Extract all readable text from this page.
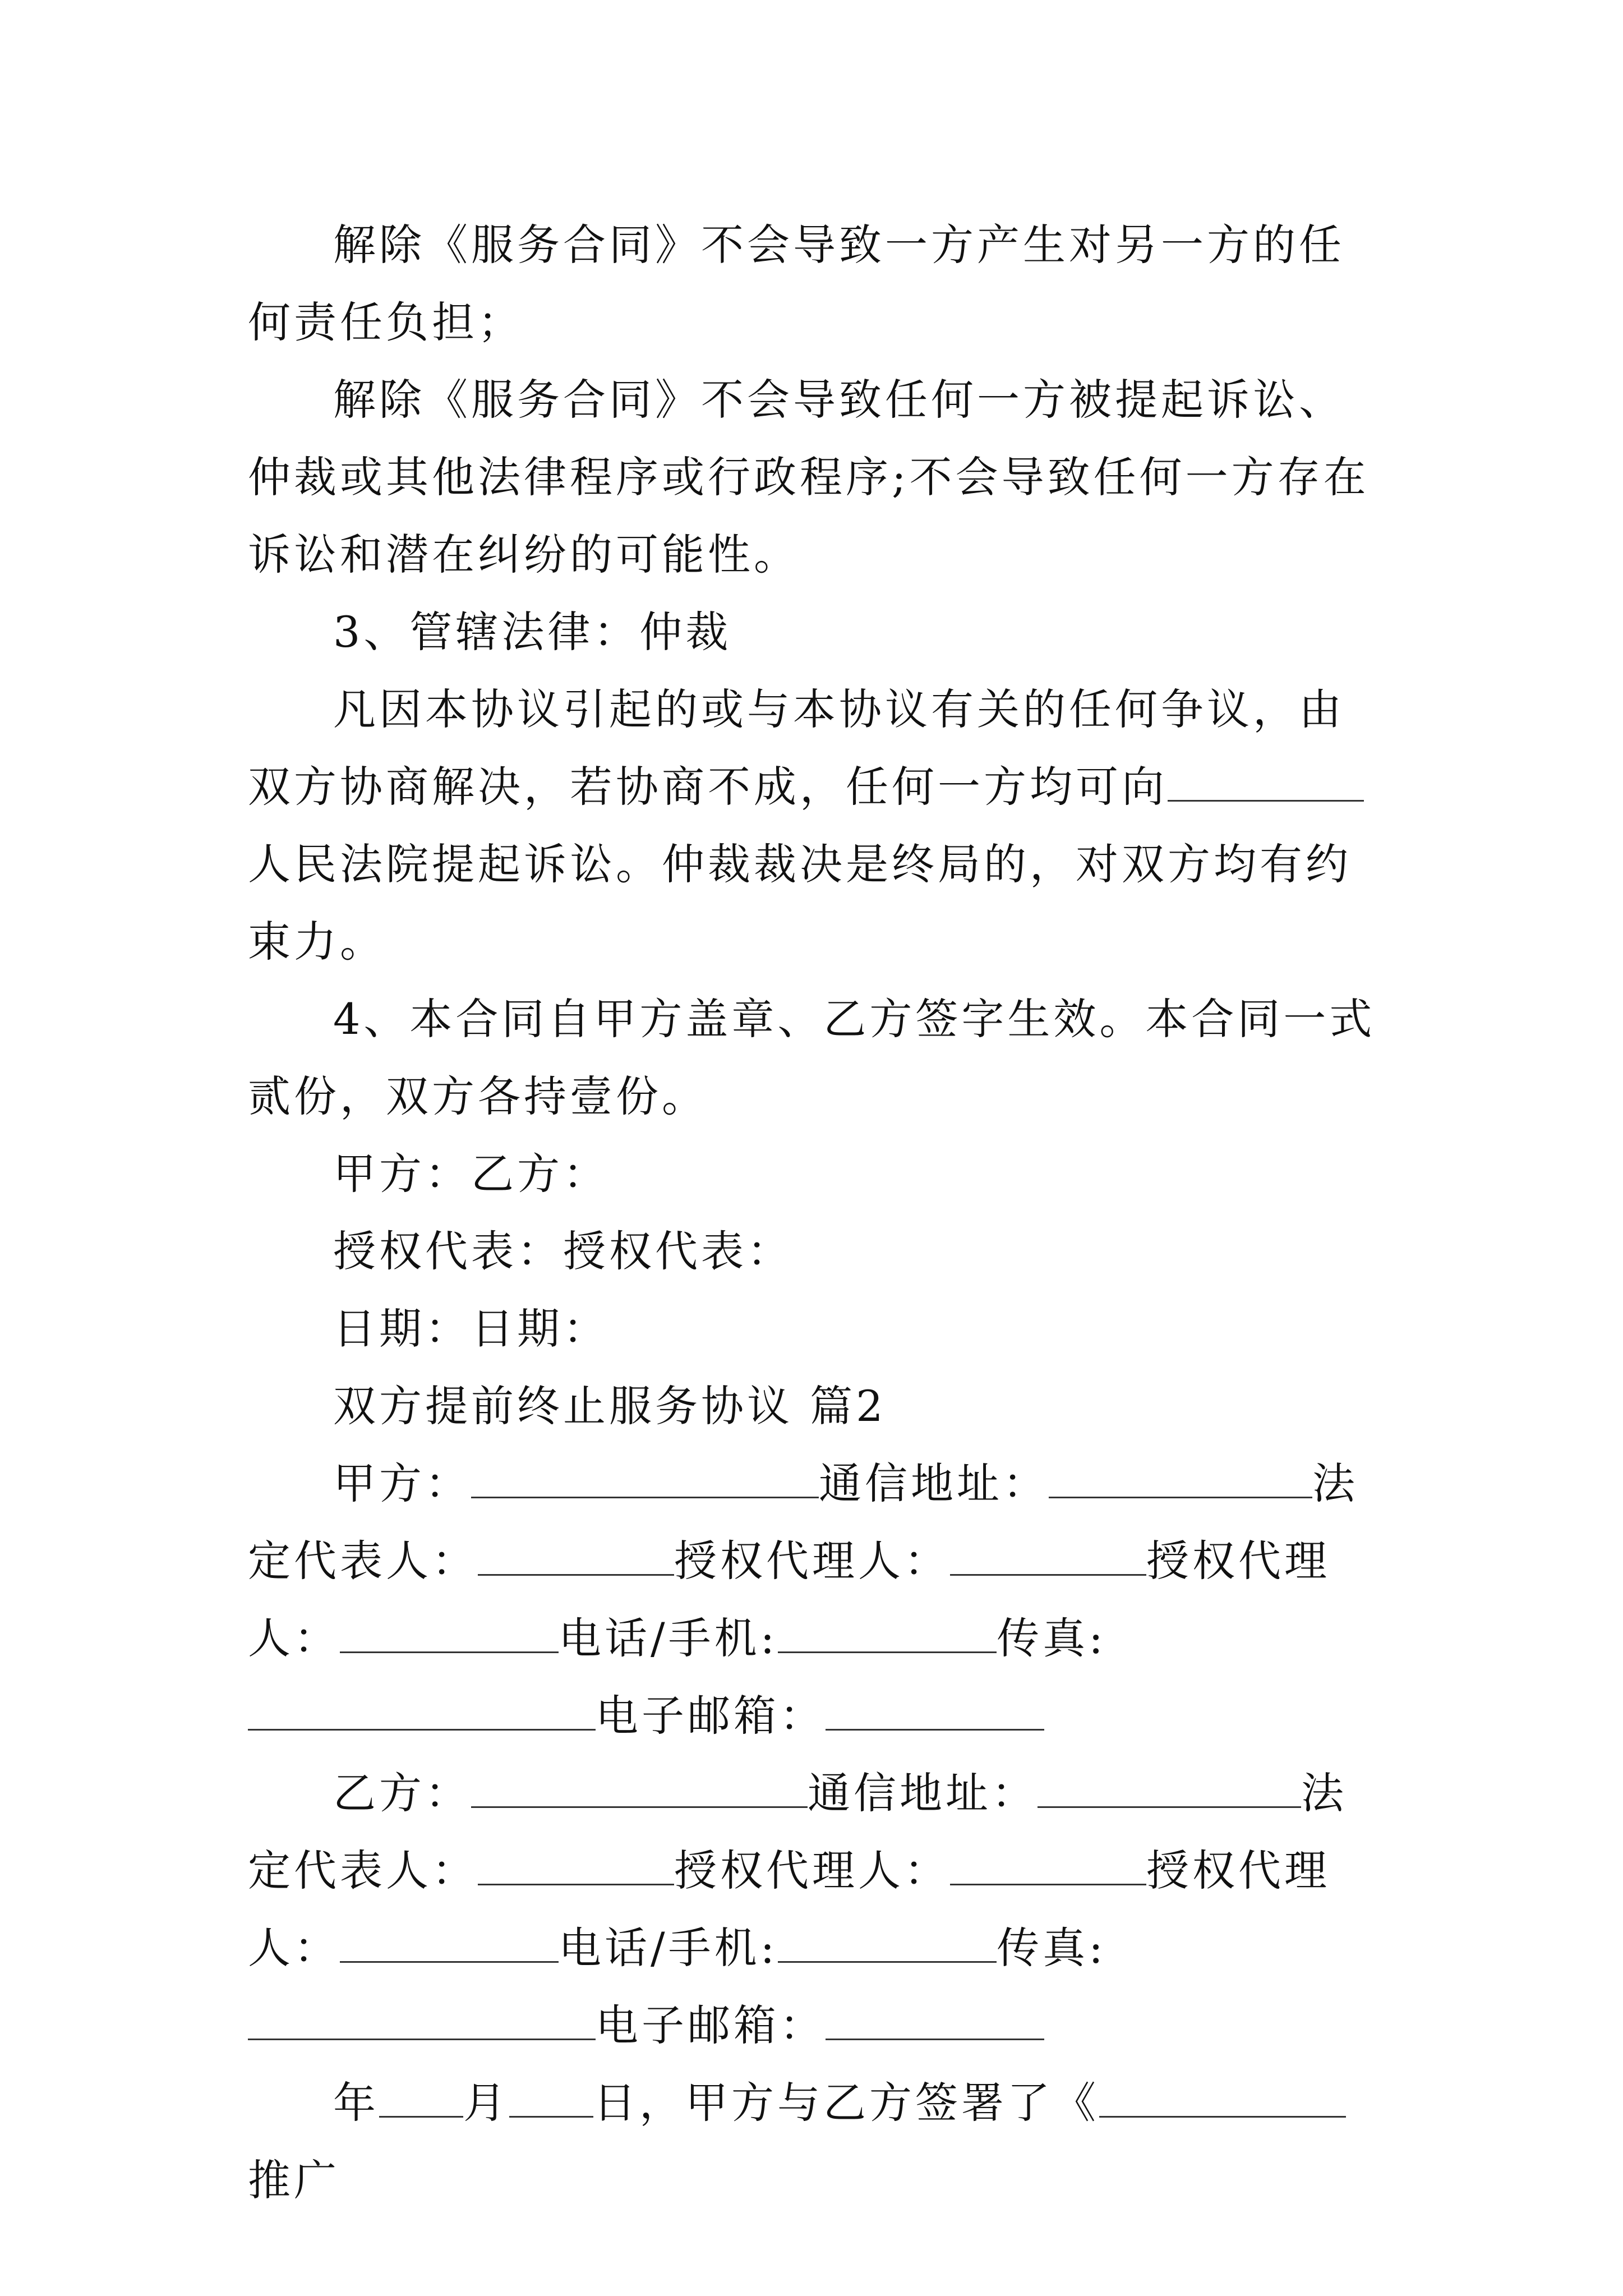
解除《服务合同》不会导致一方产生对另一方的任何责任负担；

解除《服务合同》不会导致任何一方被提起诉讼、仲裁或其他法律程序或行政程序;不会导致任何一方存在诉讼和潜在纠纷的可能性。

3、管辖法律：仲裁

凡因本协议引起的或与本协议有关的任何争议，由双方协商解决，若协商不成，任何一方均可向人民法院提起诉讼。仲裁裁决是终局的，对双方均有约束力。

4、本合同自甲方盖章、乙方签字生效。本合同一式贰份，双方各持壹份。

甲方：乙方：

授权代表：授权代表：

日期：日期：

双方提前终止服务协议 篇2

甲方：	通信地址：	法定代表人：	授权代理人：	授权代理人：	电话/手机:	传真:电子邮箱：

乙方：	通信地址：	法定代表人：	授权代理人：	授权代理人：	电话/手机:	传真:电子邮箱：

年 月 日，甲方与乙方签署了《推广
